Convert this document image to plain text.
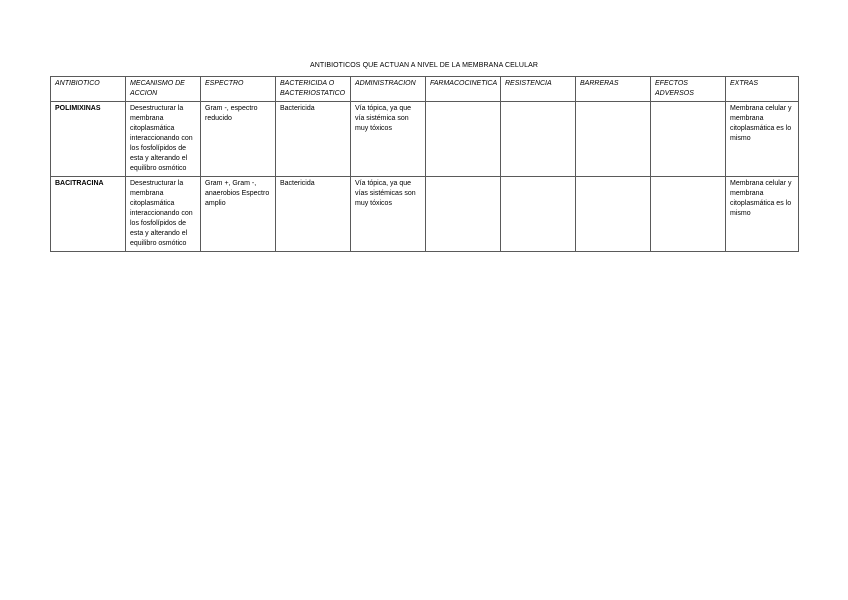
ANTIBIOTICOS QUE ACTUAN A NIVEL DE LA MEMBRANA CELULAR
ANTIBIOTICO	MECANISMO DE ACCION	ESPECTRO	BACTERICIDA O BACTERIOSTATICO	ADMINISTRACION	FARMACOCINETICA	RESISTENCIA	BARRERAS	EFECTOS ADVERSOS	EXTRAS
POLIMIXINAS	Desestructurar la membrana citoplasmática interaccionando con los fosfolípidos de esta y alterando el equilibro osmótico	Gram -, espectro reducido	Bactericida	Vía tópica, ya que vía sistémica son muy tóxicos					Membrana celular y membrana citoplasmática es lo mismo
BACITRACINA	Desestructurar la membrana citoplasmática interaccionando con los fosfolípidos de esta y alterando el equilibro osmótico	Gram +, Gram -, anaerobios Espectro amplio	Bactericida	Vía tópica, ya que vías sistémicas son muy tóxicos					Membrana celular y membrana citoplasmática es lo mismo
